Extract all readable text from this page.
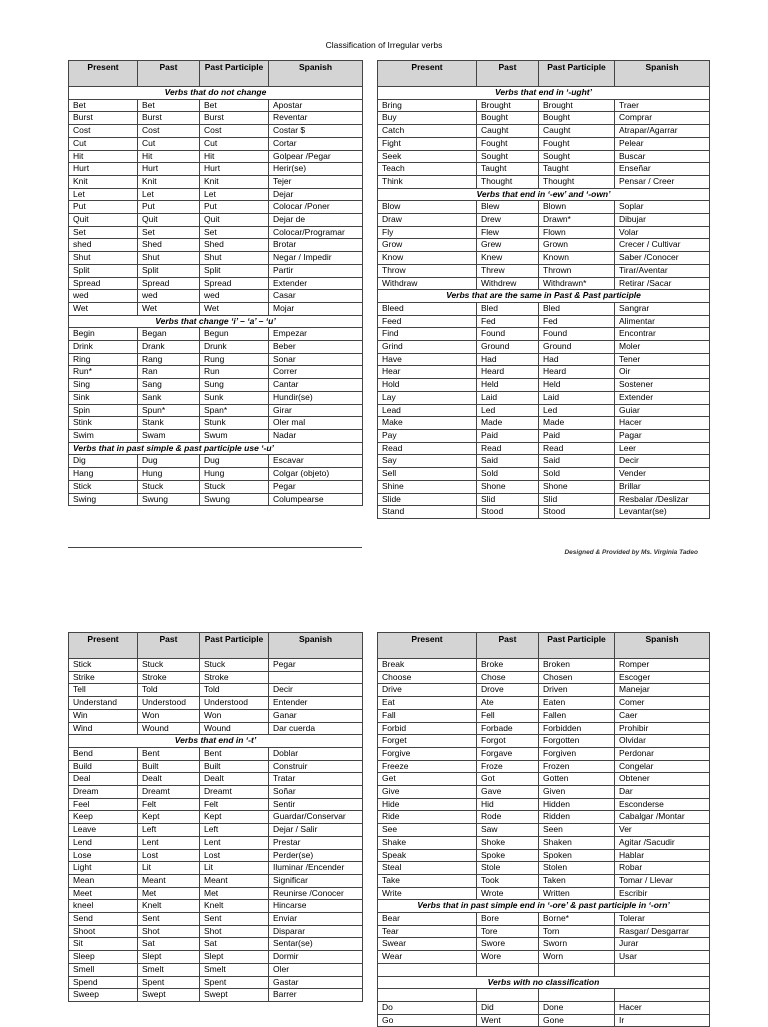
Classification of Irregular verbs
Present	Past	Past Participle	Spanish
Verbs that do not change			
Bet	Bet	Bet	Apostar
Burst	Burst	Burst	Reventar
Cost	Cost	Cost	Costar $
Cut	Cut	Cut	Cortar
Hit	Hit	Hit	Golpear /Pegar
Hurt	Hurt	Hurt	Herir(se)
Knit	Knit	Knit	Tejer
Let	Let	Let	Dejar
Put	Put	Put	Colocar /Poner
Quit	Quit	Quit	Dejar de
Set	Set	Set	Colocar/Programar
shed	Shed	Shed	Brotar
Shut	Shut	Shut	Negar / Impedir
Split	Split	Split	Partir
Spread	Spread	Spread	Extender
wed	wed	wed	Casar
Wet	Wet	Wet	Mojar
Verbs that change ‘i’ – ‘a’ – ‘u’			
Begin	Began	Begun	Empezar
Drink	Drank	Drunk	Beber
Ring	Rang	Rung	Sonar
Run*	Ran	Run	Correr
Sing	Sang	Sung	Cantar
Sink	Sank	Sunk	Hundir(se)
Spin	Spun*	Span*	Girar
Stink	Stank	Stunk	Oler mal
Swim	Swam	Swum	Nadar
Verbs that in past simple & past participle use ‘-u’			
Dig	Dug	Dug	Escavar
Hang	Hung	Hung	Colgar (objeto)
Stick	Stuck	Stuck	Pegar
Swing	Swung	Swung	Columpearse
Present	Past	Past Participle	Spanish
Verbs that end in ‘-ught’			
Bring	Brought	Brought	Traer
Buy	Bought	Bought	Comprar
Catch	Caught	Caught	Atrapar/Agarrar
Fight	Fought	Fought	Pelear
Seek	Sought	Sought	Buscar
Teach	Taught	Taught	Enseñar
Think	Thought	Thought	Pensar / Creer
Verbs that end in ‘-ew’ and ‘-own’			
Blow	Blew	Blown	Soplar
Draw	Drew	Drawn*	Dibujar
Fly	Flew	Flown	Volar
Grow	Grew	Grown	Crecer / Cultivar
Know	Knew	Known	Saber /Conocer
Throw	Threw	Thrown	Tirar/Aventar
Withdraw	Withdrew	Withdrawn*	Retirar /Sacar
Verbs that are the same in Past & Past participle			
Bleed	Bled	Bled	Sangrar
Feed	Fed	Fed	Alimentar
Find	Found	Found	Encontrar
Grind	Ground	Ground	Moler
Have	Had	Had	Tener
Hear	Heard	Heard	Oir
Hold	Held	Held	Sostener
Lay	Laid	Laid	Extender
Lead	Led	Led	Guiar
Make	Made	Made	Hacer
Pay	Paid	Paid	Pagar
Read	Read	Read	Leer
Say	Said	Said	Decir
Sell	Sold	Sold	Vender
Shine	Shone	Shone	Brillar
Slide	Slid	Slid	Resbalar /Deslizar
Stand	Stood	Stood	Levantar(se)
Designed & Provided by Ms. Virginia Tadeo
Present	Past	Past Participle	Spanish
Stick	Stuck	Stuck	Pegar
Strike	Stroke	Stroke	
Tell	Told	Told	Decir
Understand	Understood	Understood	Entender
Win	Won	Won	Ganar
Wind	Wound	Wound	Dar cuerda
Verbs that end in ‘-t’			
Bend	Bent	Bent	Doblar
Build	Built	Built	Construir
Deal	Dealt	Dealt	Tratar
Dream	Dreamt	Dreamt	Soñar
Feel	Felt	Felt	Sentir
Keep	Kept	Kept	Guardar/Conservar
Leave	Left	Left	Dejar / Salir
Lend	Lent	Lent	Prestar
Lose	Lost	Lost	Perder(se)
Light	Lit	Lit	Iluminar /Encender
Mean	Meant	Meant	Significar
Meet	Met	Met	Reunirse /Conocer
kneel	Knelt	Knelt	Hincarse
Send	Sent	Sent	Enviar
Shoot	Shot	Shot	Disparar
Sit	Sat	Sat	Sentar(se)
Sleep	Slept	Slept	Dormir
Smell	Smelt	Smelt	Oler
Spend	Spent	Spent	Gastar
Sweep	Swept	Swept	Barrer
Present	Past	Past Participle	Spanish
Break	Broke	Broken	Romper
Choose	Chose	Chosen	Escoger
Drive	Drove	Driven	Manejar
Eat	Ate	Eaten	Comer
Fall	Fell	Fallen	Caer
Forbid	Forbade	Forbidden	Prohibir
Forget	Forgot	Forgotten	Olvidar
Forgive	Forgave	Forgiven	Perdonar
Freeze	Froze	Frozen	Congelar
Get	Got	Gotten	Obtener
Give	Gave	Given	Dar
Hide	Hid	Hidden	Esconderse
Ride	Rode	Ridden	Cabalgar /Montar
See	Saw	Seen	Ver
Shake	Shoke	Shaken	Agitar /Sacudir
Speak	Spoke	Spoken	Hablar
Steal	Stole	Stolen	Robar
Take	Took	Taken	Tomar / Llevar
Write	Wrote	Written	Escribir
Verbs that in past simple end in ‘-ore’ & past participle in ‘-orn’			
Bear	Bore	Borne*	Tolerar
Tear	Tore	Torn	Rasgar/ Desgarrar
Swear	Swore	Sworn	Jurar
Wear	Wore	Worn	Usar

Verbs with no classification			

Do	Did	Done	Hacer
Go	Went	Gone	Ir
